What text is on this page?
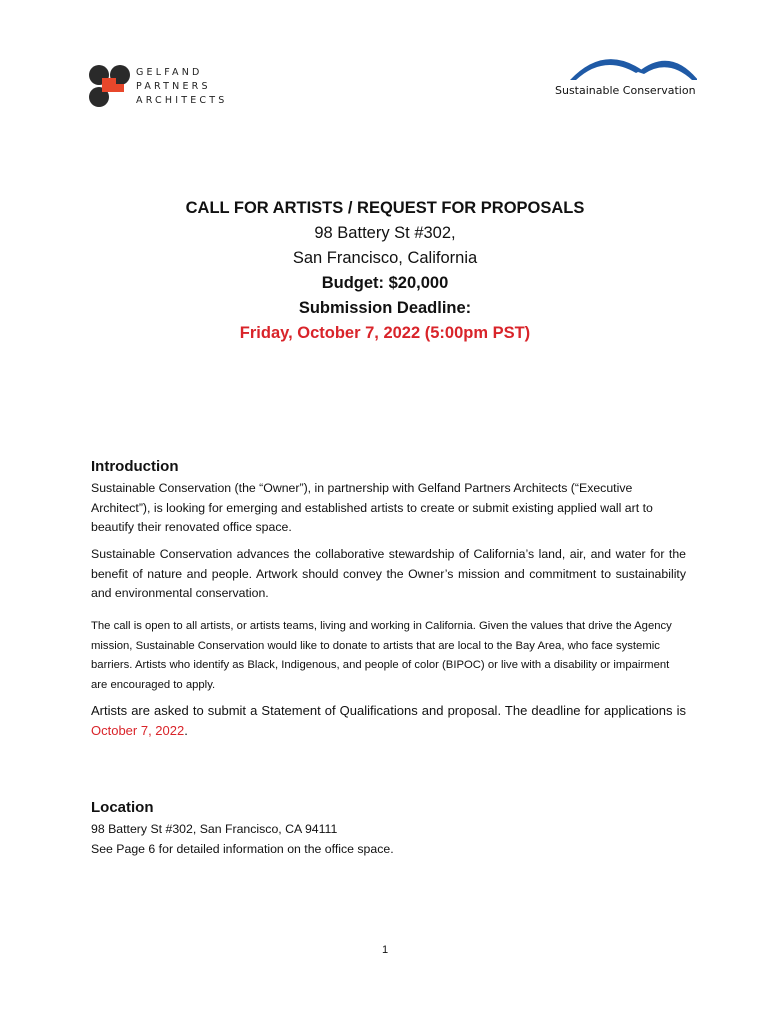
GELFAND
PARTNERS
ARCHITECTS
Sustainable Conservation
CALL FOR ARTISTS / REQUEST FOR PROPOSALS
98 Battery St #302,
San Francisco, California
Budget: $20,000
Submission Deadline:
Friday, October 7, 2022 (5:00pm PST)
Introduction
Sustainable Conservation (the “Owner”), in partnership with Gelfand Partners Architects (“Executive Architect”), is looking for emerging and established artists to create or submit existing applied wall art to beautify their renovated office space.
Sustainable Conservation advances the collaborative stewardship of California’s land, air, and water for the benefit of nature and people. Artwork should convey the Owner’s mission and commitment to sustainability and environmental conservation.
The call is open to all artists, or artists teams, living and working in California. Given the values that drive the Agency mission, Sustainable Conservation would like to donate to artists that are local to the Bay Area, who face systemic barriers. Artists who identify as Black, Indigenous, and people of color (BIPOC) or live with a disability or impairment are encouraged to apply.
Artists are asked to submit a Statement of Qualifications and proposal. The deadline for applications is October 7, 2022.
Location
98 Battery St #302, San Francisco, CA 94111
See Page 6 for detailed information on the office space.
1
